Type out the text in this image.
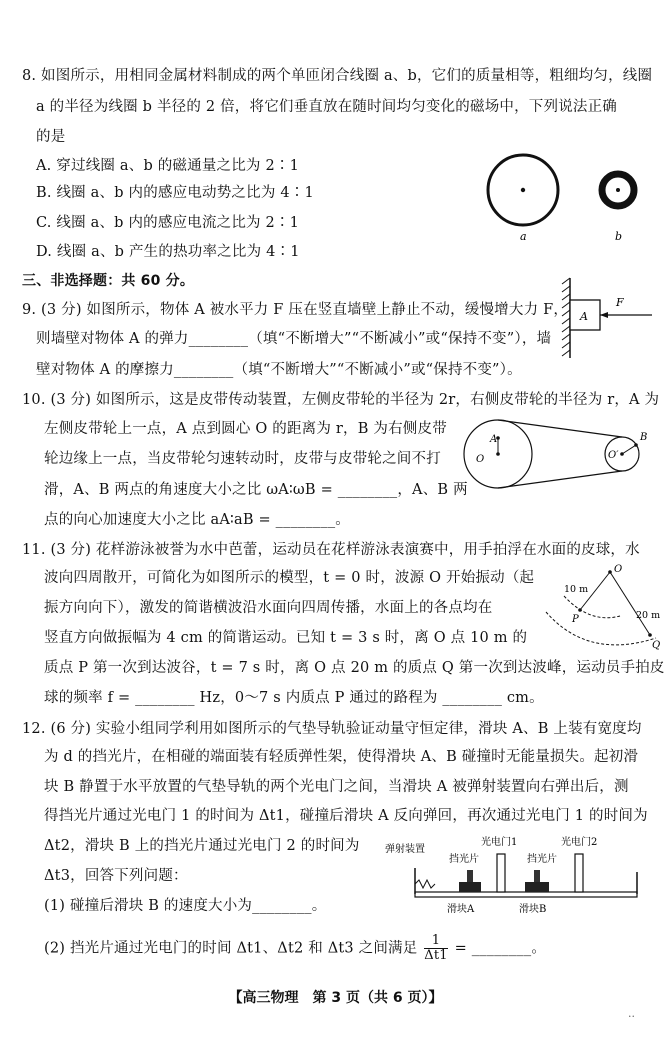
8. 如图所示，用相同金属材料制成的两个单匝闭合线圈 a、b，它们的质量相等，粗细均匀，线圈
a 的半径为线圈 b 半径的 2 倍，将它们垂直放在随时间均匀变化的磁场中，下列说法正确
的是
A. 穿过线圈 a、b 的磁通量之比为 2∶1
B. 线圈 a、b 内的感应电动势之比为 4∶1
C. 线圈 a、b 内的感应电流之比为 2∶1
D. 线圈 a、b 产生的热功率之比为 4∶1
a	b
三、非选择题：共 60 分。
9. (3 分) 如图所示，物体 A 被水平力 F 压在竖直墙壁上静止不动，缓慢增大力 F，
则墙壁对物体 A 的弹力________（填“不断增大”“不断减小”或“保持不变”），墙
壁对物体 A 的摩擦力________（填“不断增大”“不断减小”或“保持不变”）。
A
F
10. (3 分) 如图所示，这是皮带传动装置，左侧皮带轮的半径为 2r，右侧皮带轮的半径为 r，A 为
左侧皮带轮上一点，A 点到圆心 O 的距离为 r，B 为右侧皮带
轮边缘上一点，当皮带轮匀速转动时，皮带与皮带轮之间不打
滑，A、B 两点的角速度大小之比 ωA∶ωB = ________，A、B 两
点的向心加速度大小之比 aA∶aB = ________。
A
O	O′
B
11. (3 分) 花样游泳被誉为水中芭蕾，运动员在花样游泳表演赛中，用手拍浮在水面的皮球，水
波向四周散开，可简化为如图所示的模型，t = 0 时，波源 O 开始振动（起
振方向向下），激发的简谐横波沿水面向四周传播，水面上的各点均在
竖直方向做振幅为 4 cm 的简谐运动。已知 t = 3 s 时，离 O 点 10 m 的
质点 P 第一次到达波谷，t = 7 s 时，离 O 点 20 m 的质点 Q 第一次到达波峰，运动员手拍皮
球的频率 f = ________ Hz，0～7 s 内质点 P 通过的路程为 ________ cm。
O
P
Q
10 m
20 m
12. (6 分) 实验小组同学利用如图所示的气垫导轨验证动量守恒定律，滑块 A、B 上装有宽度均
为 d 的挡光片，在相碰的端面装有轻质弹性架，使得滑块 A、B 碰撞时无能量损失。起初滑
块 B 静置于水平放置的气垫导轨的两个光电门之间，当滑块 A 被弹射装置向右弹出后，测
得挡光片通过光电门 1 的时间为 Δt1，碰撞后滑块 A 反向弹回，再次通过光电门 1 的时间为
Δt2，滑块 B 上的挡光片通过光电门 2 的时间为
Δt3，回答下列问题：
(1) 碰撞后滑块 B 的速度大小为________。
(2) 挡光片通过光电门的时间 Δt1、Δt2 和 Δt3 之间满足 $\frac{1}{\Delta t1}$ = ________。
弹射装置
光电门1	光电门2
挡光片	挡光片
滑块A	滑块B
【高三物理　第 3 页（共 6 页）】
··
